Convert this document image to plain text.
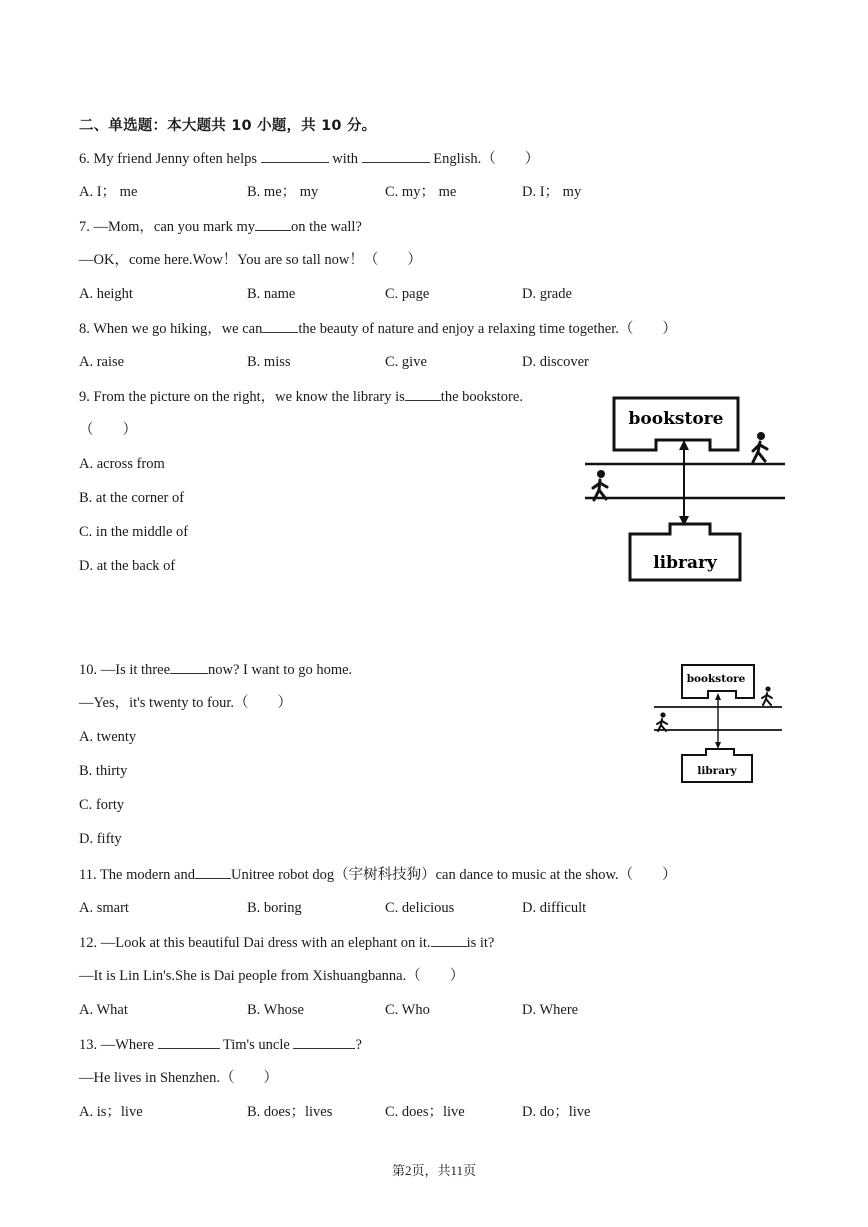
二、单选题：本大题共 10 小题，共 10 分。
6. My friend Jenny often helps	with	English.（　　）
A. I； me	B. me； my	C. my； me	D. I； my
7. —Mom，can you mark my on the wall?
—OK，come here.Wow！You are so tall now！（　　）
A. height	B. name	C. page	D. grade
8. When we go hiking，we can the beauty of nature and enjoy a relaxing time together.（　　）
A. raise	B. miss	C. give	D. discover
9. From the picture on the right，we know the library is the bookstore.
（　　）
A. across from
B. at the corner of
C. in the middle of
D. at the back of
10. —Is it three	now? I want to go home.
—Yes，it's twenty to four.（　　）
A. twenty
B. thirty
C. forty
D. fifty
11. The modern and Unitree robot dog（宇树科技狗）can dance to music at the show.（　　）
A. smart	B. boring	C. delicious	D. difficult
12. —Look at this beautiful Dai dress with an elephant on it. is it?
—It is Lin Lin's.She is Dai people from Xishuangbanna.（　　）
A. What	B. Whose	C. Who	D. Where
13. —Where	Tim's uncle	?
—He lives in Shenzhen.（　　）
A. is；live	B. does；lives	C. does；live	D. do；live
bookstore
library
bookstore
library
第2页，共11页
